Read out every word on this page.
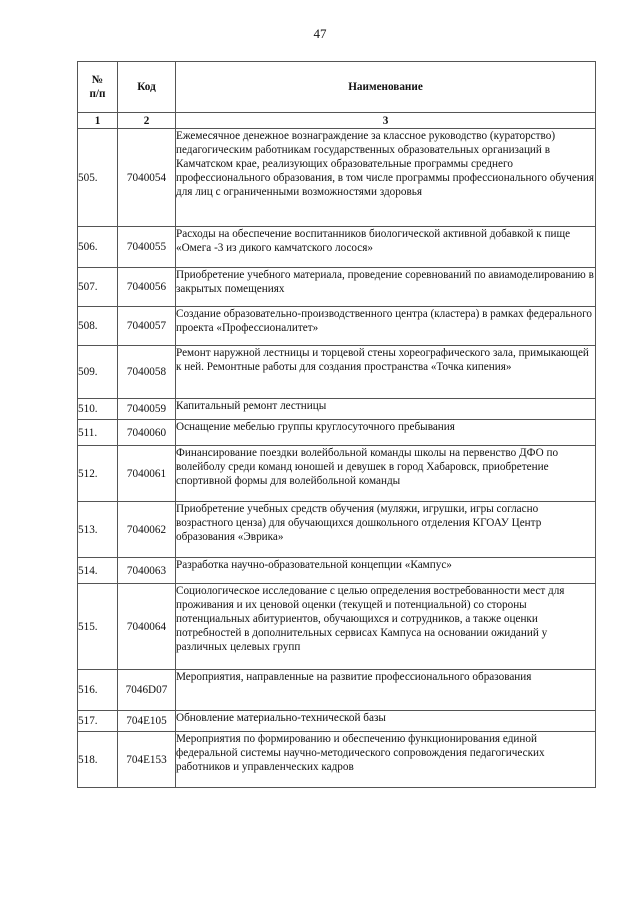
47
№
п/п	Код	Наименование
1	2	3
505.	7040054	Ежемесячное денежное вознаграждение за классное руководство (кураторство) педагогическим работникам государственных образовательных организаций в Камчатском крае, реализующих образовательные программы среднего профессионального образования, в том числе программы профессионального обучения для лиц с ограниченными возможностями здоровья
506.	7040055	Расходы на обеспечение воспитанников биологической активной добавкой к пище «Омега -3 из дикого камчатского лосося»
507.	7040056	Приобретение учебного материала, проведение соревнований по авиамоделированию в закрытых помещениях
508.	7040057	Создание образовательно-производственного центра (кластера) в рамках федерального проекта «Профессионалитет»
509.	7040058	Ремонт наружной лестницы и торцевой стены хореографического зала, примыкающей к ней. Ремонтные работы для создания пространства «Точка кипения»
510.	7040059	Капитальный ремонт лестницы
511.	7040060	Оснащение мебелью группы круглосуточного пребывания
512.	7040061	Финансирование поездки волейбольной команды школы на первенство ДФО по волейболу среди команд юношей и девушек в город Хабаровск, приобретение спортивной формы для волейбольной команды
513.	7040062	Приобретение учебных средств обучения (муляжи, игрушки, игры согласно возрастного ценза) для обучающихся дошкольного отделения КГОАУ Центр образования «Эврика»
514.	7040063	Разработка научно-образовательной концепции «Кампус»
515.	7040064	Социологическое исследование с целью определения востребованности мест для проживания и их ценовой оценки (текущей и потенциальной) со стороны потенциальных абитуриентов, обучающихся и сотрудников, а также оценки потребностей в дополнительных сервисах Кампуса на основании ожиданий у различных целевых групп
516.	7046D07	Мероприятия, направленные на развитие профессионального образования
517.	704E105	Обновление материально-технической базы
518.	704E153	Мероприятия по формированию и обеспечению функционирования единой федеральной системы научно-методического сопровождения педагогических работников и управленческих кадров
